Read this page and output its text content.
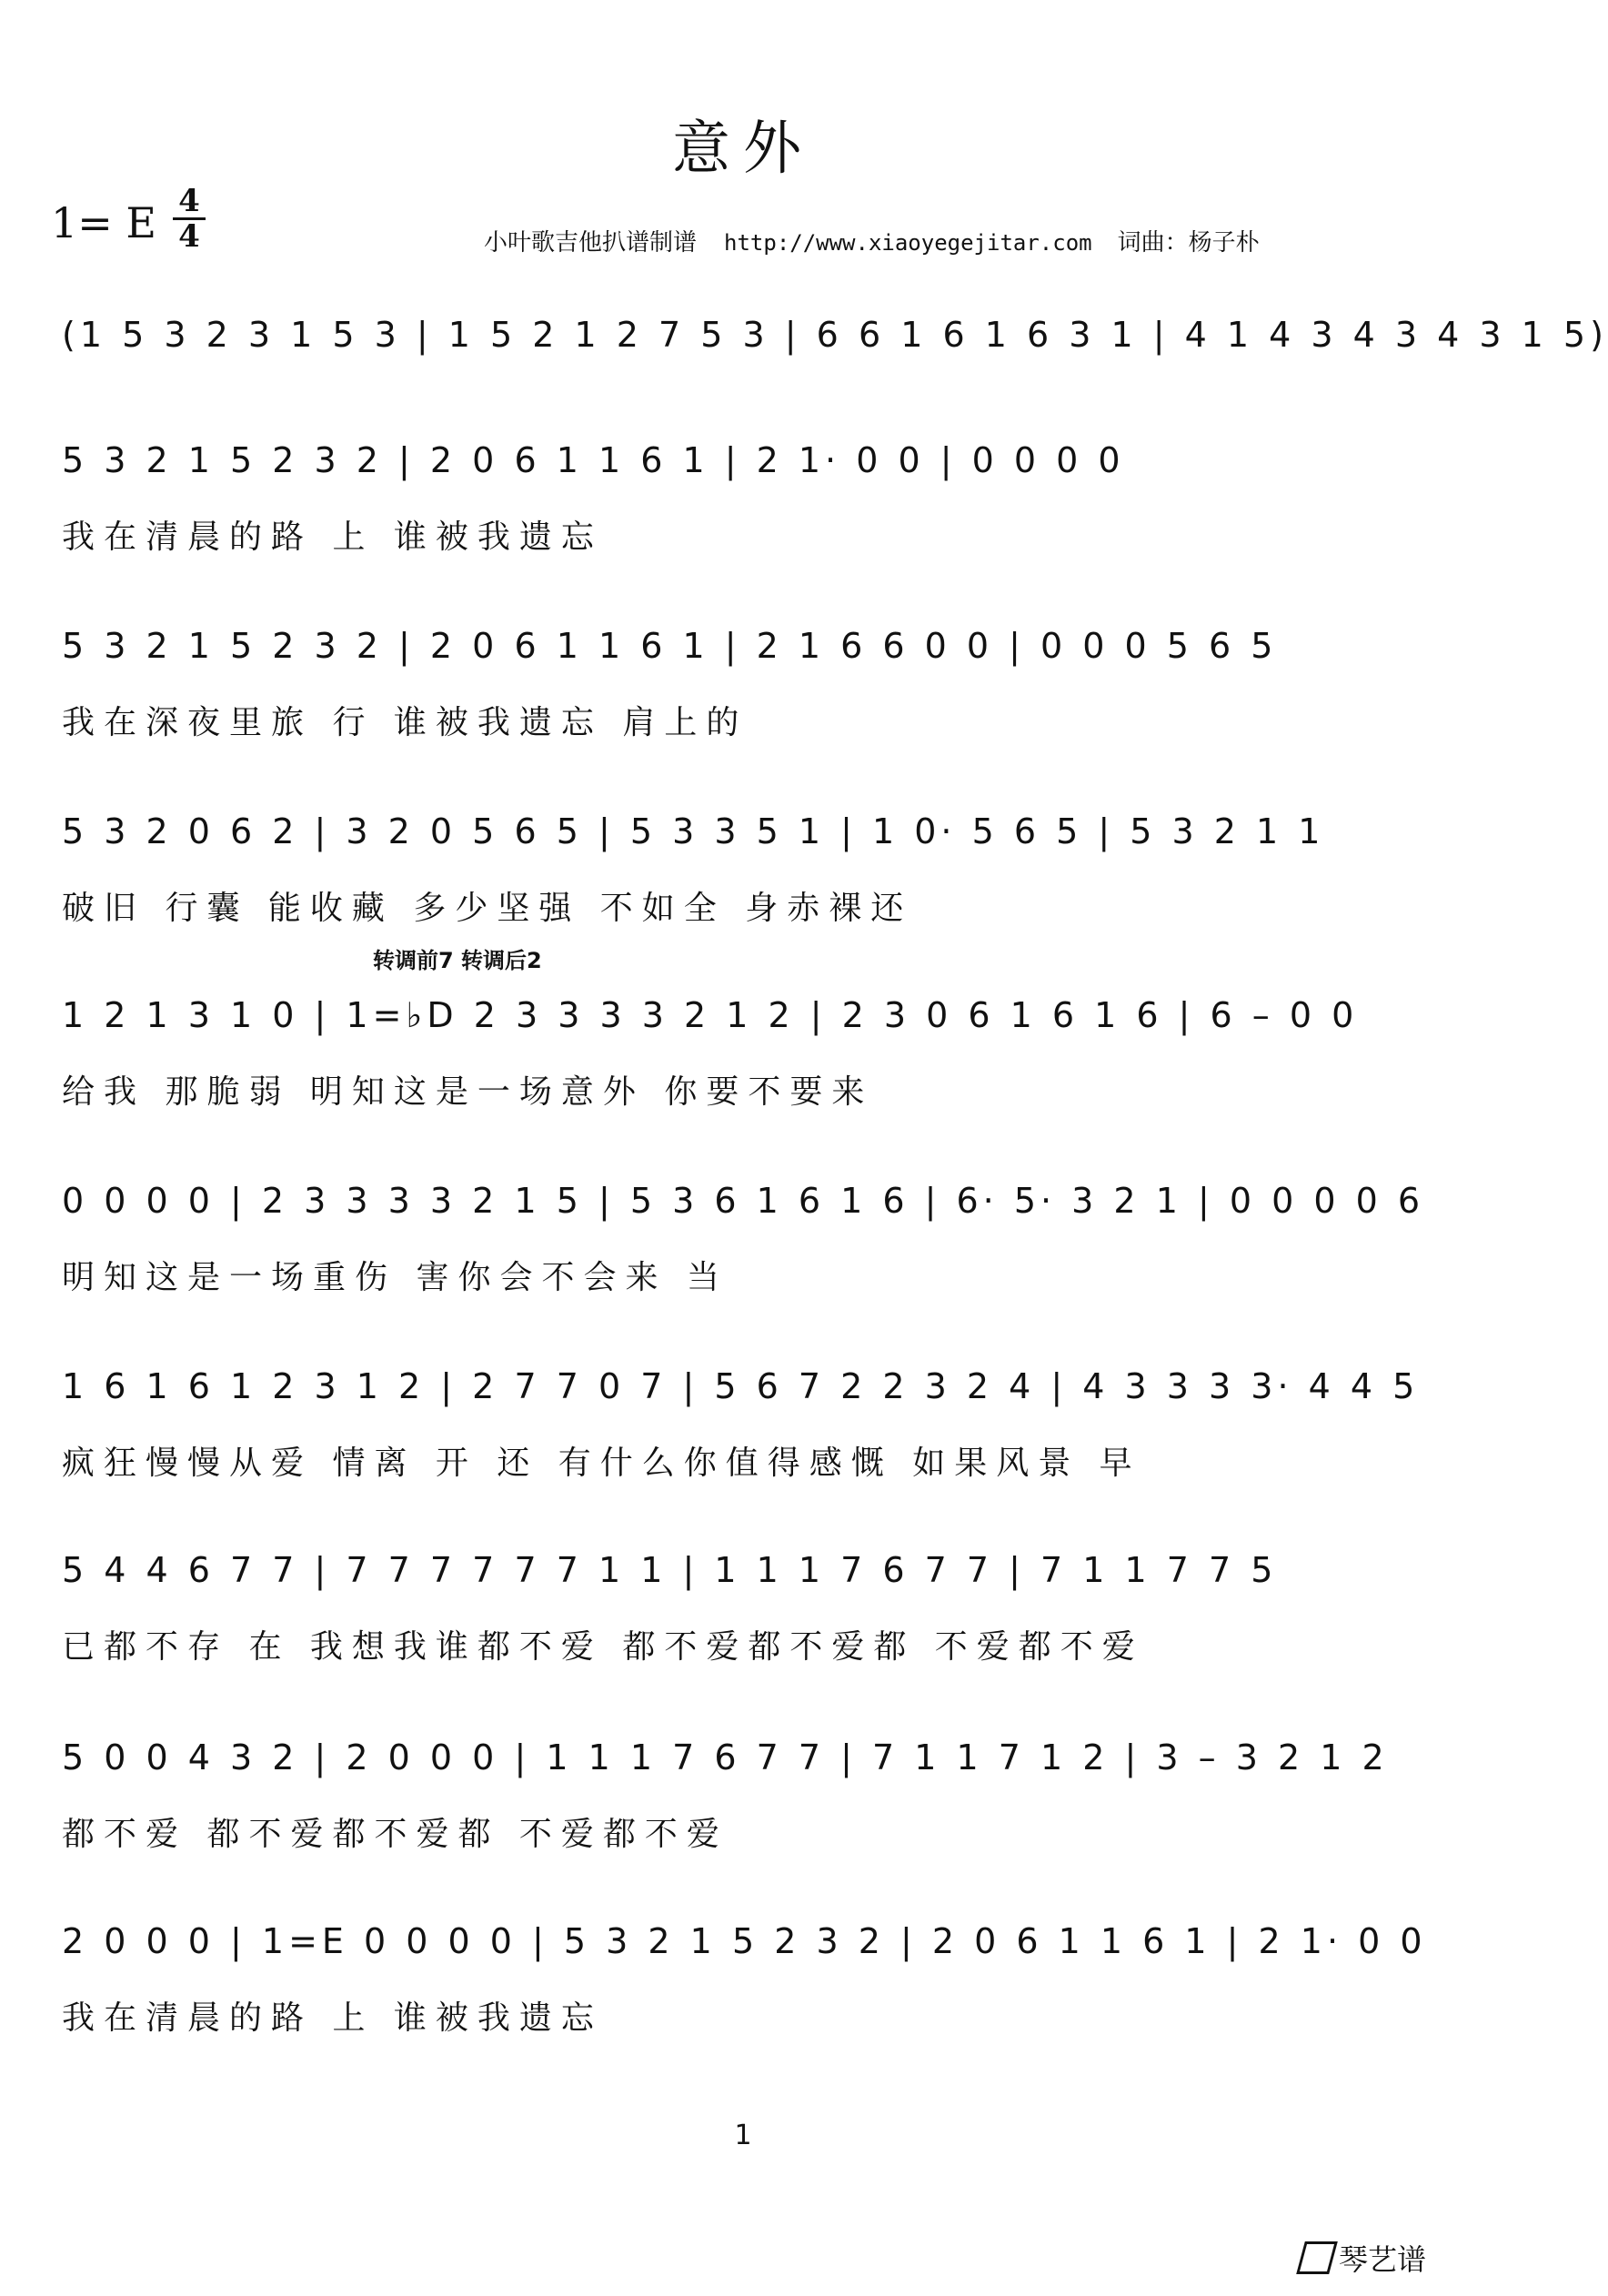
意外
1= E 4
4	小叶歌吉他扒谱制谱 http://www.xiaoyegejitar.com 词曲：杨子朴
转调前7 转调后2
(1 5 3 2 3 1 5 3 | 1 5 2 1 2 7 5 3 | 6 6 1 6 1 6 3 1 | 4 1 4 3 4 3 4 3 1 5)
5 3 2 1 5 2 3 2 | 2 0 6 1 1 6 1 | 2 1· 0 0 | 0 0 0 0
我在清晨的路 上 谁被我遗忘
5 3 2 1 5 2 3 2 | 2 0 6 1 1 6 1 | 2 1 6 6 0 0 | 0 0 0 5 6 5
我在深夜里旅 行 谁被我遗忘 肩上的
5 3 2 0 6 2 | 3 2 0 5 6 5 | 5 3 3 5 1 | 1 0· 5 6 5 | 5 3 2 1 1
破旧 行囊 能收藏 多少坚强 不如全 身赤裸还
1 2 1 3 1 0 | 1=♭D 2 3 3 3 3 2 1 2 | 2 3 0 6 1 6 1 6 | 6 – 0 0
给我 那脆弱 明知这是一场意外 你要不要来
0 0 0 0 | 2 3 3 3 3 2 1 5 | 5 3 6 1 6 1 6 | 6· 5· 3 2 1 | 0 0 0 0 6
明知这是一场重伤 害你会不会来 当
1 6 1 6 1 2 3 1 2 | 2 7 7 0 7 | 5 6 7 2 2 3 2 4 | 4 3 3 3 3· 4 4 5
疯狂慢慢从爱 情离 开 还 有什么你值得感慨 如果风景 早
5 4 4 6 7 7 | 7 7 7 7 7 7 1 1 | 1 1 1 7 6 7 7 | 7 1 1 7 7 5
已都不存 在 我想我谁都不爱 都不爱都不爱都 不爱都不爱
5 0 0 4 3 2 | 2 0 0 0 | 1 1 1 7 6 7 7 | 7 1 1 7 1 2 | 3 – 3 2 1 2
都不爱 都不爱都不爱都 不爱都不爱
2 0 0 0 | 1=E 0 0 0 0 | 5 3 2 1 5 2 3 2 | 2 0 6 1 1 6 1 | 2 1· 0 0
我在清晨的路 上 谁被我遗忘
1
琴艺谱
